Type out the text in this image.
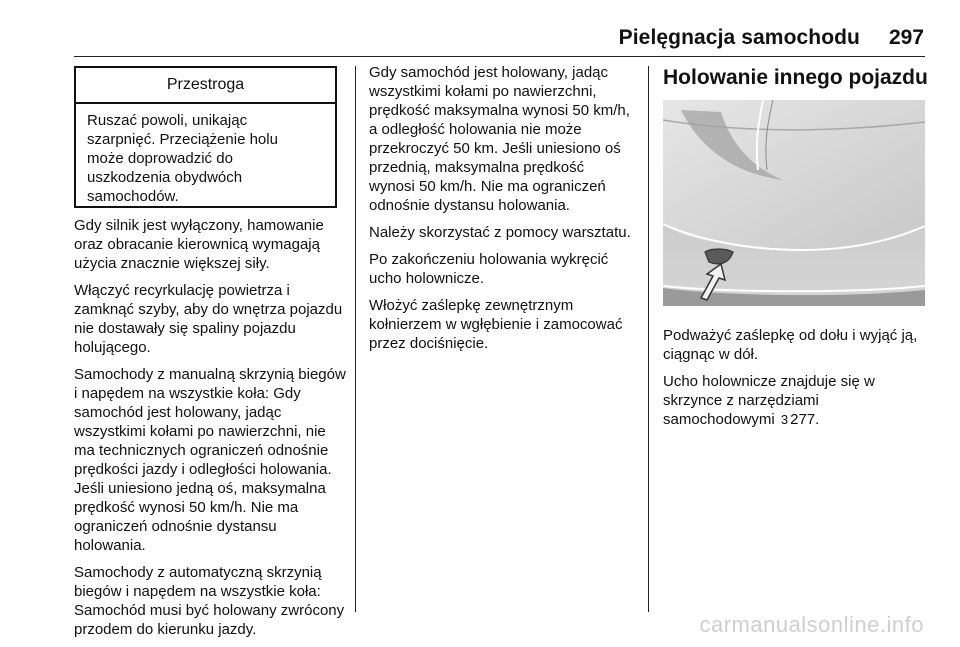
Pielęgnacja samochodu 297
Przestroga
Ruszać powoli, unikając
szarpnięć. Przeciążenie holu
może doprowadzić do
uszkodzenia obydwóch
samochodów.

Gdy silnik jest wyłączony, hamowanie oraz obracanie kierownicą wymagają użycia znacznie większej siły.

Włączyć recyrkulację powietrza i zamknąć szyby, aby do wnętrza pojazdu nie dostawały się spaliny pojazdu holującego.

Samochody z manualną skrzynią biegów i napędem na wszystkie koła: Gdy samochód jest holowany, jadąc wszystkimi kołami po nawierzchni, nie ma technicznych ograniczeń odnośnie prędkości jazdy i odległości holowania. Jeśli uniesiono jedną oś, maksymalna prędkość wynosi 50 km/h. Nie ma ograniczeń odnośnie dystansu holowania.

Samochody z automatyczną skrzynią biegów i napędem na wszystkie koła: Samochód musi być holowany zwrócony przodem do kierunku jazdy.

Gdy samochód jest holowany, jadąc wszystkimi kołami po nawierzchni, prędkość maksymalna wynosi 50 km/h, a odległość holowania nie może przekroczyć 50 km. Jeśli uniesiono oś przednią, maksymalna prędkość wynosi 50 km/h. Nie ma ograniczeń odnośnie dystansu holowania.

Należy skorzystać z pomocy warsztatu.

Po zakończeniu holowania wykręcić ucho holownicze.

Włożyć zaślepkę zewnętrznym kołnierzem w wgłębienie i zamocować przez dociśnięcie.

Holowanie innego pojazdu

Podważyć zaślepkę od dołu i wyjąć ją, ciągnąc w dół.

Ucho holownicze znajduje się w skrzynce z narzędziami samochodowymi 3 277.

carmanualsonline.info
